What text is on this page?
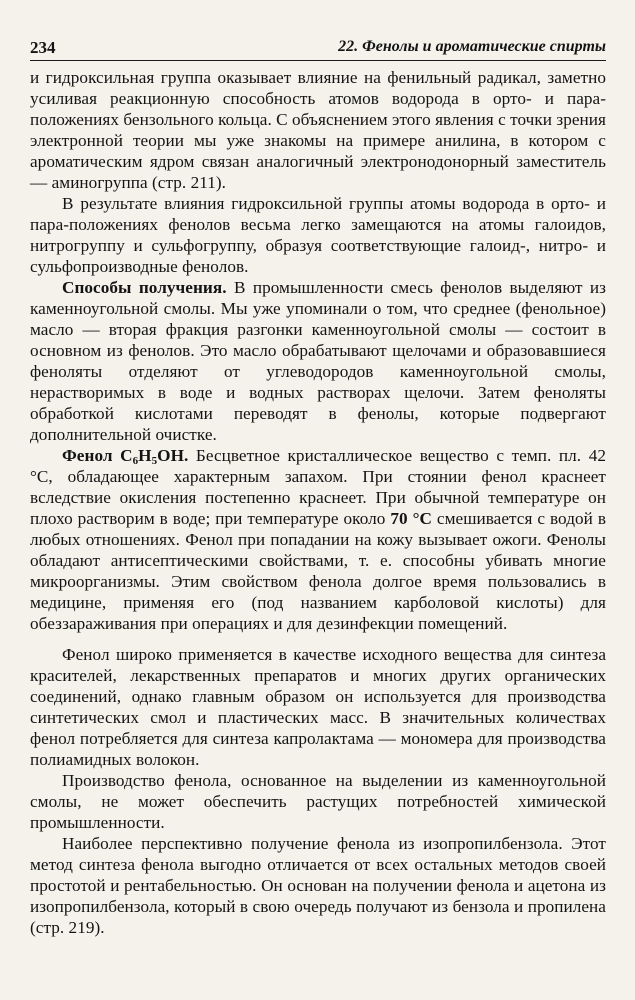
234	22. Фенолы и ароматические спирты

и гидроксильная группа оказывает влияние на фенильный радикал, заметно усиливая реакционную способность атомов водорода в орто- и пара-положениях бензольного кольца. С объяснением этого явления с точки зрения электронной теории мы уже знакомы на примере анилина, в котором с ароматическим ядром связан аналогичный электронодонорный заместитель — аминогруппа (стр. 211).

В результате влияния гидроксильной группы атомы водорода в орто- и пара-положениях фенолов весьма легко замещаются на атомы галоидов, нитрогруппу и сульфогруппу, образуя соответствующие галоид-, нитро- и сульфопроизводные фенолов.

Способы получения. В промышленности смесь фенолов выделяют из каменноугольной смолы. Мы уже упоминали о том, что среднее (фенольное) масло — вторая фракция разгонки каменноугольной смолы — состоит в основном из фенолов. Это масло обрабатывают щелочами и образовавшиеся феноляты отделяют от углеводородов каменноугольной смолы, нерастворимых в воде и водных растворах щелочи. Затем феноляты обработкой кислотами переводят в фенолы, которые подвергают дополнительной очистке.

Фенол $C_6H_5OH$. Бесцветное кристаллическое вещество с темп. пл. 42 °C, обладающее характерным запахом. При стоянии фенол краснеет вследствие окисления постепенно краснеет. При обычной температуре он плохо растворим в воде; при температуре около 70 °C смешивается с водой в любых отношениях. Фенол при попадании на кожу вызывает ожоги. Фенолы обладают антисептическими свойствами, т. е. способны убивать многие микроорганизмы. Этим свойством фенола долгое время пользовались в медицине, применяя его (под названием карболовой кислоты) для обеззараживания при операциях и для дезинфекции помещений.

Фенол широко применяется в качестве исходного вещества для синтеза красителей, лекарственных препаратов и многих других органических соединений, однако главным образом он используется для производства синтетических смол и пластических масс. В значительных количествах фенол потребляется для синтеза капролактама — мономера для производства полиамидных волокон.

Производство фенола, основанное на выделении из каменноугольной смолы, не может обеспечить растущих потребностей химической промышленности.

Наиболее перспективно получение фенола из изопропилбензола. Этот метод синтеза фенола выгодно отличается от всех остальных методов своей простотой и рентабельностью. Он основан на получении фенола и ацетона из изопропилбензола, который в свою очередь получают из бензола и пропилена (стр. 219).
